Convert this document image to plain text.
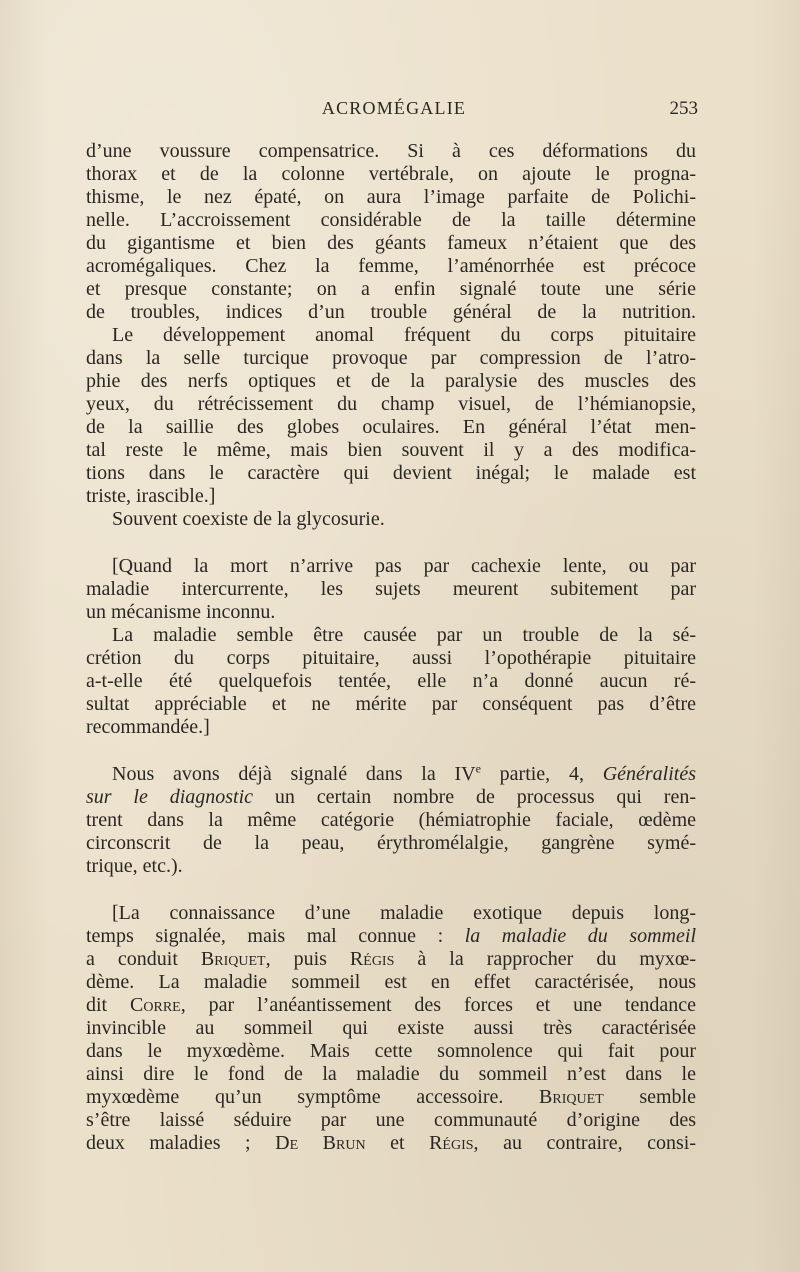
ACROMÉGALIE	253
d’une voussure compensatrice. Si à ces déformations du
thorax et de la colonne vertébrale, on ajoute le progna-
thisme, le nez épaté, on aura l’image parfaite de Polichi-
nelle. L’accroissement considérable de la taille détermine
du gigantisme et bien des géants fameux n’étaient que des
acromégaliques. Chez la femme, l’aménorrhée est précoce
et presque constante; on a enfin signalé toute une série
de troubles, indices d’un trouble général de la nutrition.
Le développement anomal fréquent du corps pituitaire
dans la selle turcique provoque par compression de l’atro-
phie des nerfs optiques et de la paralysie des muscles des
yeux, du rétrécissement du champ visuel, de l’hémianopsie,
de la saillie des globes oculaires. En général l’état men-
tal reste le même, mais bien souvent il y a des modifica-
tions dans le caractère qui devient inégal; le malade est
triste, irascible.]
Souvent coexiste de la glycosurie.
[Quand la mort n’arrive pas par cachexie lente, ou par
maladie intercurrente, les sujets meurent subitement par
un mécanisme inconnu.
La maladie semble être causée par un trouble de la sé-
crétion du corps pituitaire, aussi l’opothérapie pituitaire
a-t-elle été quelquefois tentée, elle n’a donné aucun ré-
sultat appréciable et ne mérite par conséquent pas d’être
recommandée.]
Nous avons déjà signalé dans la IVe partie, 4, Généralités
sur le diagnostic un certain nombre de processus qui ren-
trent dans la même catégorie (hémiatrophie faciale, œdème
circonscrit de la peau, érythromélalgie, gangrène symé-
trique, etc.).
[La connaissance d’une maladie exotique depuis long-
temps signalée, mais mal connue : la maladie du sommeil
a conduit Briquet, puis Régis à la rapprocher du myxœ-
dème. La maladie sommeil est en effet caractérisée, nous
dit Corre, par l’anéantissement des forces et une tendance
invincible au sommeil qui existe aussi très caractérisée
dans le myxœdème. Mais cette somnolence qui fait pour
ainsi dire le fond de la maladie du sommeil n’est dans le
myxœdème qu’un symptôme accessoire. Briquet semble
s’être laissé séduire par une communauté d’origine des
deux maladies ; De Brun et Régis, au contraire, consi-
